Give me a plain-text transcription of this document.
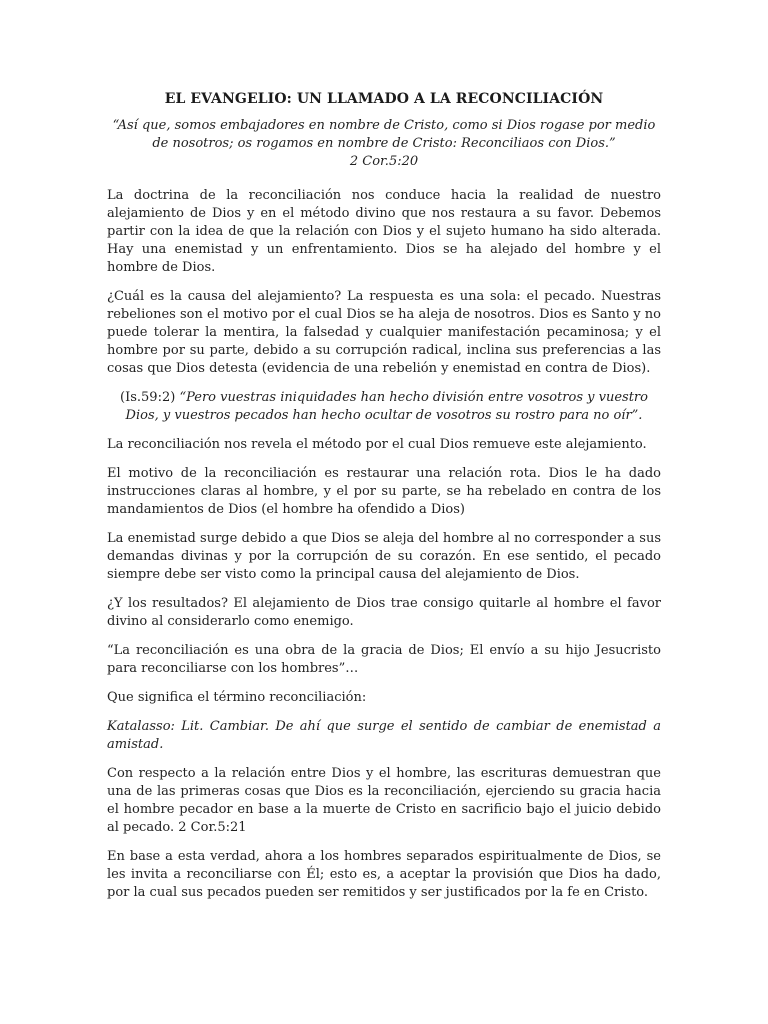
EL EVANGELIO: UN LLAMADO A LA RECONCILIACIÓN
“Así que, somos embajadores en nombre de Cristo, como si Dios rogase por medio
de nosotros; os rogamos en nombre de Cristo: Reconciliaos con Dios.”
2 Cor.5:20

La doctrina de la reconciliación nos conduce hacia la realidad de nuestro alejamiento de Dios y en el método divino que nos restaura a su favor. Debemos partir con la idea de que la relación con Dios y el sujeto humano ha sido alterada. Hay una enemistad y un enfrentamiento. Dios se ha alejado del hombre y el hombre de Dios.

¿Cuál es la causa del alejamiento? La respuesta es una sola: el pecado. Nuestras rebeliones son el motivo por el cual Dios se ha aleja de nosotros. Dios es Santo y no puede tolerar la mentira, la falsedad y cualquier manifestación pecaminosa; y el hombre por su parte, debido a su corrupción radical, inclina sus preferencias a las cosas que Dios detesta (evidencia de una rebelión y enemistad en contra de Dios).

(Is.59:2) “Pero vuestras iniquidades han hecho división entre vosotros y vuestro Dios, y vuestros pecados han hecho ocultar de vosotros su rostro para no oír”.

La reconciliación nos revela el método por el cual Dios remueve este alejamiento.

El motivo de la reconciliación es restaurar una relación rota. Dios le ha dado instrucciones claras al hombre, y el por su parte, se ha rebelado en contra de los mandamientos de Dios (el hombre ha ofendido a Dios)

La enemistad surge debido a que Dios se aleja del hombre al no corresponder a sus demandas divinas y por la corrupción de su corazón. En ese sentido, el pecado siempre debe ser visto como la principal causa del alejamiento de Dios.

¿Y los resultados? El alejamiento de Dios trae consigo quitarle al hombre el favor divino al considerarlo como enemigo.

“La reconciliación es una obra de la gracia de Dios; El envío a su hijo Jesucristo para reconciliarse con los hombres”…

Que significa el término reconciliación:

Katalasso: Lit. Cambiar. De ahí que surge el sentido de cambiar de enemistad a amistad.

Con respecto a la relación entre Dios y el hombre, las escrituras demuestran que una de las primeras cosas que Dios es la reconciliación, ejerciendo su gracia hacia el hombre pecador en base a la muerte de Cristo en sacrificio bajo el juicio debido al pecado. 2 Cor.5:21

En base a esta verdad, ahora a los hombres separados espiritualmente de Dios, se les invita a reconciliarse con Él; esto es, a aceptar la provisión que Dios ha dado, por la cual sus pecados pueden ser remitidos y ser justificados por la fe en Cristo.
